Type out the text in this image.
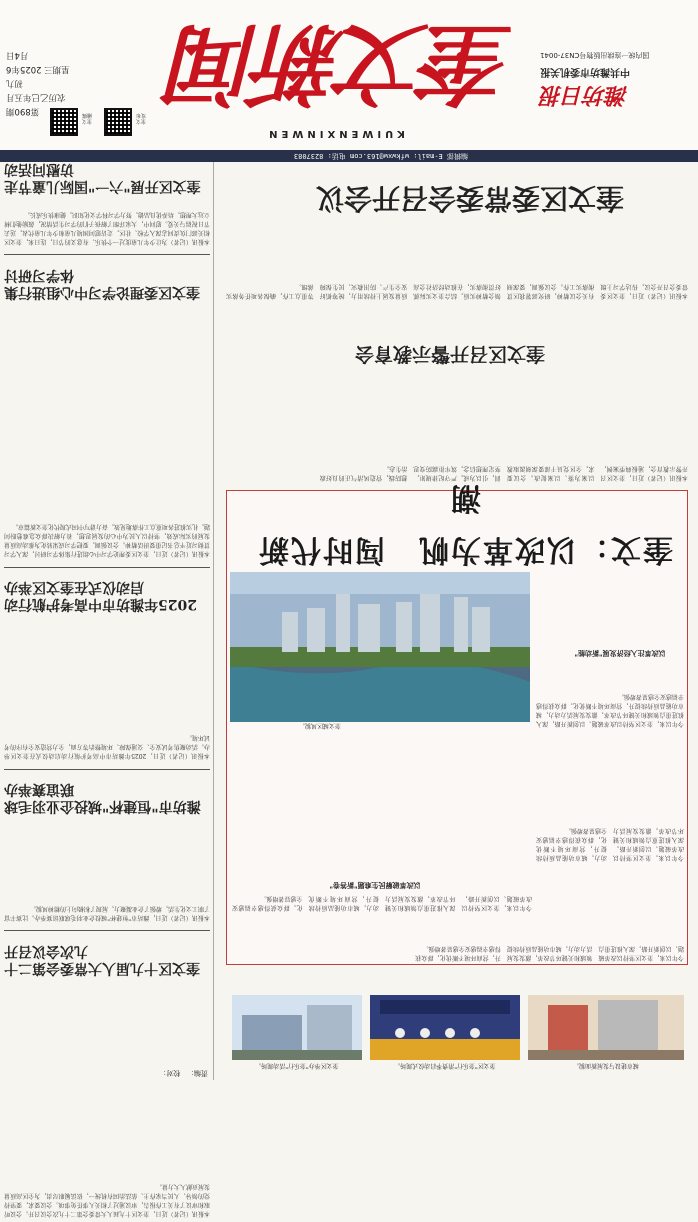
第890期
农历乙巳年五月初九
星期三 2025年6月4日
奎文发布
奎文融媒 奎文新闻
KUIWENXINWEN
国内统一连续出版物号CN37-0041
中共潍坊市委机关报
潍坊日报
编辑部 E-mail: wfkwxw@163.com 电话: 8237083
本报讯（记者）为让少年儿童度过一个快乐、有意义的节日，连日来，奎文区相关部门负责同志深入学校、社区，走访慰问困境儿童和少年儿童代表，送去节日祝福与关爱。慰问中，大家详细了解孩子们的学习生活情况，鼓励他们树立远大理想，培养优良品德，努力学习科学文化知识，健康快乐成长。
奎文区开展"六一"国际儿童节走访慰问活动
本报讯（记者）近日，奎文区委理论学习中心组进行集体学习研讨，深入学习贯彻习近平总书记重要讲话精神。会议强调，要把学习成果转化为推动高质量发展的实际成效，坚持以人民为中心的发展思想，着力解决群众急难愁盼问题，扎实推进各项重点工作落地见效，奋力谱写中国式现代化奎文新篇章。
奎文区委理论学习中心组进行集体学习研讨
本报讯（记者）近日，2025年潍坊市中高考护航行动启动仪式在奎文区举办。活动聚焦考试安全、交通保障、环境整治等方面，全力营造安全有序的考试环境。
2025年潍坊市中高考护航行动启动仪式在奎文区举办
本报讯（记者）近日，潍坊市"恒建杯"城投企业羽毛球联谊赛举办。比赛丰富了职工文化生活，增强了企业凝聚力，展现了积极向上的精神风貌。
潍坊市"恒建杯"城投企业羽毛球联谊赛举办
本报讯（记者）近日，奎文区十九届人大常委会第二十九次会议召开。会议听取和审议了有关工作报告，审议通过了相关人事任免事项。会议要求，要坚持党的领导、人民当家作主、依法治国有机统一，依法履职尽责，为全区高质量发展贡献人大力量。
奎文区十九届人大常委会第二十九次会议召开
责编：   校对：
奎文区委常委会召开会议
本报讯（记者）近日，奎文区委常委会召开会议，传达学习上级有关会议精神，研究部署我区贯彻落实工作。会议强调，要深刻领会精神实质，结合奎文实际抓好贯彻落实，在推动经济社会高质量发展上持续用力，统筹抓好安全生产、防汛救灾、民生保障等重点工作，确保各项任务落实落细。
奎文区召开警示教育会
本报讯（记者）近日，奎文区召开警示教育会，通报典型案例，以案为鉴、以案促改。会议要求，全区党员干部要深刻汲取教训，引以为戒，严守纪律规矩，坚定理想信念，筑牢拒腐防变思想防线，营造风清气正的良好政治生态。
奎文：以改革为帆　闯时代新潮
奎文城区风貌。	今年以来，奎文区坚持以改革破题、以创新开路，深入推进重点领域和关键环节改革，激发发展活力动力，城市功能品质持续提升，营商环境不断优化，群众获得感幸福感安全感显著增强。
以改革注入经济发展"新动能"
今年以来，奎文区坚持以改革破题、以创新开路，深入推进重点领域和关键环节改革，激发发展活力动力，城市功能品质持续提升，营商环境不断优化，群众获得感幸福感安全感显著增强。
今年以来，奎文区坚持以改革破题、以创新开路，深入推进重点领域和关键环节改革，激发发展活力动力，城市功能品质持续提升，营商环境不断优化，群众获得感幸福感安全感显著增强。
以改革破解民生难题"新答卷"
今年以来，奎文区坚持以改革破题、以创新开路，深入推进重点领域和关键环节改革，激发发展活力动力，城市功能品质持续提升，营商环境不断优化，群众获得感幸福感安全感显著增强。
奎文区举办"奎乐行"活动现场。	奎文区"奎乐行"消费季启动仪式现场。	城市建设与发展新面貌。
